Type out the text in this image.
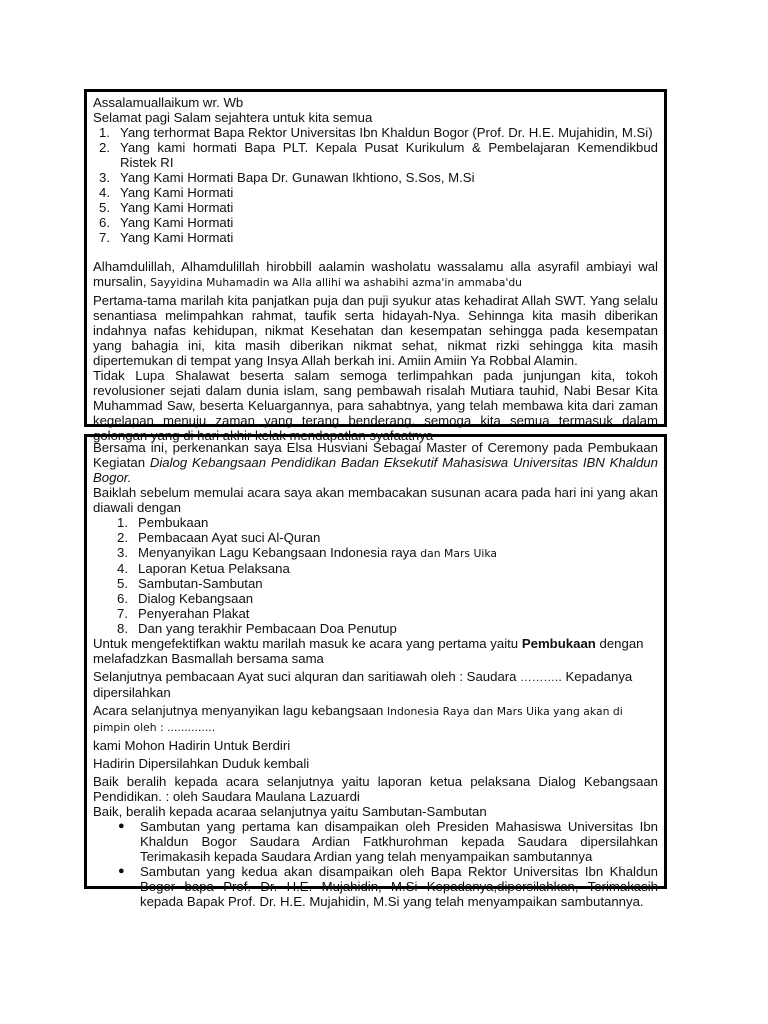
Assalamuallaikum wr. Wb

Selamat pagi Salam sejahtera untuk kita semua

1. Yang terhormat Bapa Rektor Universitas Ibn Khaldun Bogor (Prof. Dr. H.E. Mujahidin, M.Si)
2. Yang kami hormati Bapa PLT. Kepala Pusat Kurikulum & Pembelajaran Kemendikbud Ristek RI
3. Yang Kami Hormati Bapa Dr. Gunawan Ikhtiono, S.Sos, M.Si
4. Yang Kami Hormati
5. Yang Kami Hormati
6. Yang Kami Hormati
7. Yang Kami Hormati

Alhamdulillah, Alhamdulillah hirobbill aalamin washolatu wassalamu alla asyrafil ambiayi wal mursalin, Sayyidina Muhamadin wa Alla allihi wa ashabihi azma'in ammaba'du

Pertama-tama marilah kita panjatkan puja dan puji syukur atas kehadirat Allah SWT. Yang selalu senantiasa melimpahkan rahmat, taufik serta hidayah-Nya. Sehinnga kita masih diberikan indahnya nafas kehidupan, nikmat Kesehatan dan kesempatan sehingga pada kesempatan yang bahagia ini, kita masih diberikan nikmat sehat, nikmat rizki sehingga kita masih dipertemukan di tempat yang Insya Allah berkah ini. Amiin Amiin Ya Robbal Alamin.

Tidak Lupa Shalawat beserta salam semoga terlimpahkan pada junjungan kita, tokoh revolusioner sejati dalam dunia islam, sang pembawah risalah Mutiara tauhid, Nabi Besar Kita Muhammad Saw, beserta Keluargannya, para sahabtnya, yang telah membawa kita dari zaman kegelapan menuju zaman yang terang benderang, semoga kita semua termasuk dalam golongan yang di hari akhir kelak mendapatlan syafaatnya

Bersama ini, perkenankan saya Elsa Husviani Sebagai Master of Ceremony pada Pembukaan Kegiatan Dialog Kebangsaan Pendidikan Badan Eksekutif Mahasiswa Universitas IBN Khaldun Bogor.

Baiklah sebelum memulai acara saya akan membacakan susunan acara pada hari ini yang akan diawali dengan

1. Pembukaan
2. Pembacaan Ayat suci Al-Quran
3. Menyanyikan Lagu Kebangsaan Indonesia raya dan Mars Uika
4. Laporan Ketua Pelaksana
5. Sambutan-Sambutan
6. Dialog Kebangsaan
7. Penyerahan Plakat
8. Dan yang terakhir Pembacaan Doa Penutup

Untuk mengefektifkan waktu marilah masuk ke acara yang pertama yaitu Pembukaan dengan melafadzkan Basmallah bersama sama

Selanjutnya pembacaan Ayat suci alquran dan saritiawah oleh : Saudara ……….. Kepadanya dipersilahkan

Acara selanjutnya menyanyikan lagu kebangsaan Indonesia Raya dan Mars Uika yang akan di pimpin oleh : ..............

kami Mohon Hadirin Untuk Berdiri

Hadirin Dipersilahkan Duduk kembali

Baik beralih kepada acara selanjutnya yaitu laporan ketua pelaksana Dialog Kebangsaan Pendidikan. : oleh Saudara Maulana Lazuardi

Baik, beralih kepada acaraa selanjutnya yaitu Sambutan-Sambutan

● Sambutan yang pertama kan disampaikan oleh Presiden Mahasiswa Universitas Ibn Khaldun Bogor Saudara Ardian Fatkhurohman kepada Saudara dipersilahkan Terimakasih kepada Saudara Ardian yang telah menyampaikan sambutannya
● Sambutan yang kedua akan disampaikan oleh Bapa Rektor Universitas Ibn Khaldun Bogor bapa Prof. Dr. H.E. Mujahidin, M.Si Kepadanya,dipersilahkan, Terimakasih kepada Bapak Prof. Dr. H.E. Mujahidin, M.Si yang telah menyampaikan sambutannya.
